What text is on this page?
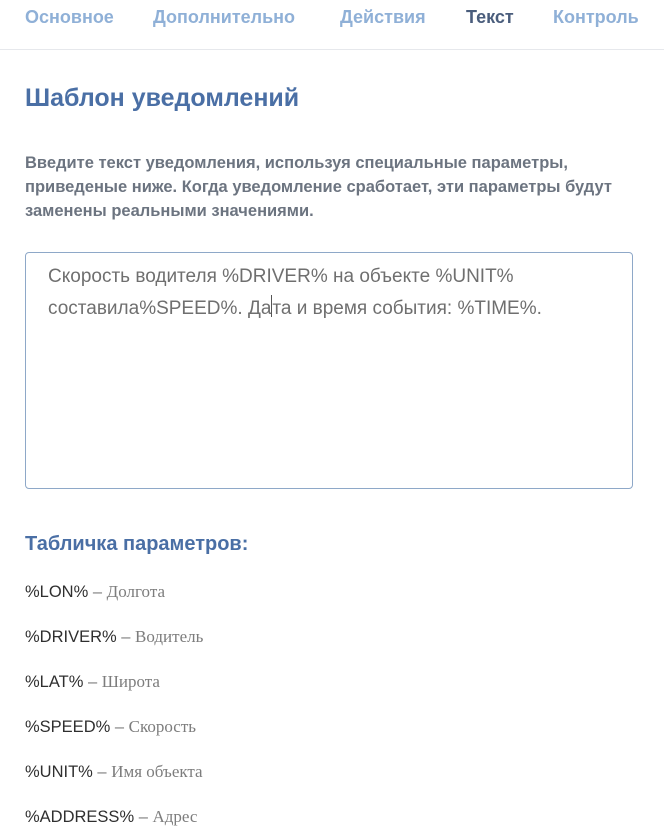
Основное Дополнительно Действия Текст Контроль
Шаблон уведомлений

Введите текст уведомления, используя специальные параметры, приведеные ниже. Когда уведомление сработает, эти параметры будут заменены реальными значениями.

Скорость водителя %DRIVER% на объекте %UNIT%
составила%SPEED%. Дата и время события: %TIME%.
Табличка параметров:
%LON% – Долгота
%DRIVER% – Водитель
%LAT% – Широта
%SPEED% – Скорость
%UNIT% – Имя объекта
%ADDRESS% – Адрес
